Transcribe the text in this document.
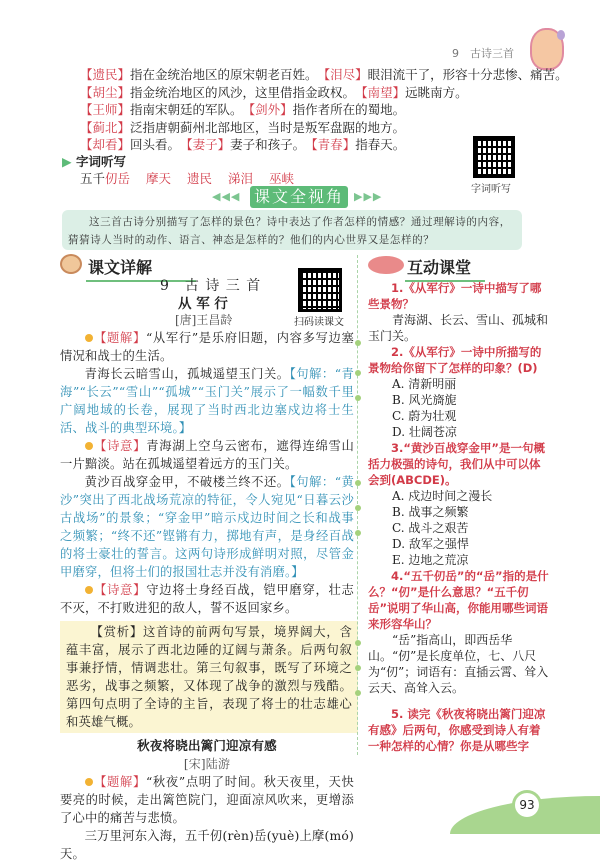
9　 古诗三首
【遗民】指在金统治地区的原宋朝老百姓。　 【泪尽】眼泪流干了，形容十分悲惨、痛苦。
【胡尘】指金统治地区的风沙，这里借指金政权。　 【南望】远眺南方。
【王师】指南宋朝廷的军队。　 【剑外】指作者所在的蜀地。
【蓟北】泛指唐朝蓟州北部地区，当时是叛军盘踞的地方。
【却看】回头看。　 【妻子】妻子和孩子。　 【青春】指春天。
▶ 字词听写
五千仞岳 摩天 遗民 涕泪 巫峡
字词听写
◀◀◀ 课文全视角 ▶▶▶
这三首古诗分别描写了怎样的景色？诗中表达了作者怎样的情感？通过理解诗的内容，猜猜诗人当时的动作、语言、神态是怎样的？他们的内心世界又是怎样的？
课文详解
扫码读课文
9　古 诗 三 首
从 军 行
[唐]王昌龄

【题解】“从军行”是乐府旧题，内容多写边塞情况和战士的生活。

青海长云暗雪山，孤城遥望玉门关。【句解：“青海”“长云”“雪山”“孤城”“玉门关”展示了一幅数千里广阔地域的长卷，展现了当时西北边塞戍边将士生活、战斗的典型环境。】

【诗意】青海湖上空乌云密布，遮得连绵雪山一片黯淡。站在孤城遥望着远方的玉门关。

黄沙百战穿金甲，不破楼兰终不还。【句解：“黄沙”突出了西北战场荒凉的特征，令人宛见“日暮云沙古战场”的景象；“穿金甲”暗示戍边时间之长和战事之频繁；“终不还”铿锵有力，掷地有声，是身经百战的将士豪壮的誓言。这两句诗形成鲜明对照，尽管金甲磨穿，但将士们的报国壮志并没有消磨。】

【诗意】守边将士身经百战，铠甲磨穿，壮志不灭，不打败进犯的敌人，誓不返回家乡。

【赏析】这首诗的前两句写景，境界阔大，含蕴丰富，展示了西北边陲的辽阔与萧条。后两句叙事兼抒情，情调悲壮。第三句叙事，既写了环境之恶劣，战事之频繁，又体现了战争的激烈与残酷。第四句点明了全诗的主旨，表现了将士的壮志雄心和英雄气概。

秋夜将晓出篱门迎凉有感
[宋]陆游

【题解】“秋夜”点明了时间。秋天夜里，天快要亮的时候，走出篱笆院门，迎面凉风吹来，更增添了心中的痛苦与悲愤。

三万里河东入海，五千仞(rèn)岳(yuè)上摩(mó)天。

互动课堂
1.《从军行》一诗中描写了哪些景物？
青海湖、长云、雪山、孤城和玉门关。
2.《从军行》一诗中所描写的景物给你留下了怎样的印象？(D)
A. 清新明丽
B. 风光旖旎
C. 蔚为壮观
D. 壮阔苍凉
3.“黄沙百战穿金甲”是一句概括力极强的诗句，我们从中可以体会到(ABCDE)。
A. 戍边时间之漫长
B. 战事之频繁
C. 战斗之艰苦
D. 敌军之强悍
E. 边地之荒凉
4.“五千仞岳”的“岳”指的是什么？“仞”是什么意思？“五千仞岳”说明了华山高，你能用哪些词语来形容华山？
“岳”指高山，即西岳华山。“仞”是长度单位，七、八尺为“仞”；词语有：直插云霄、耸入云天、高耸入云。
5. 读完《秋夜将晓出篱门迎凉有感》后两句，你感受到诗人有着一种怎样的心情？你是从哪些字
93
